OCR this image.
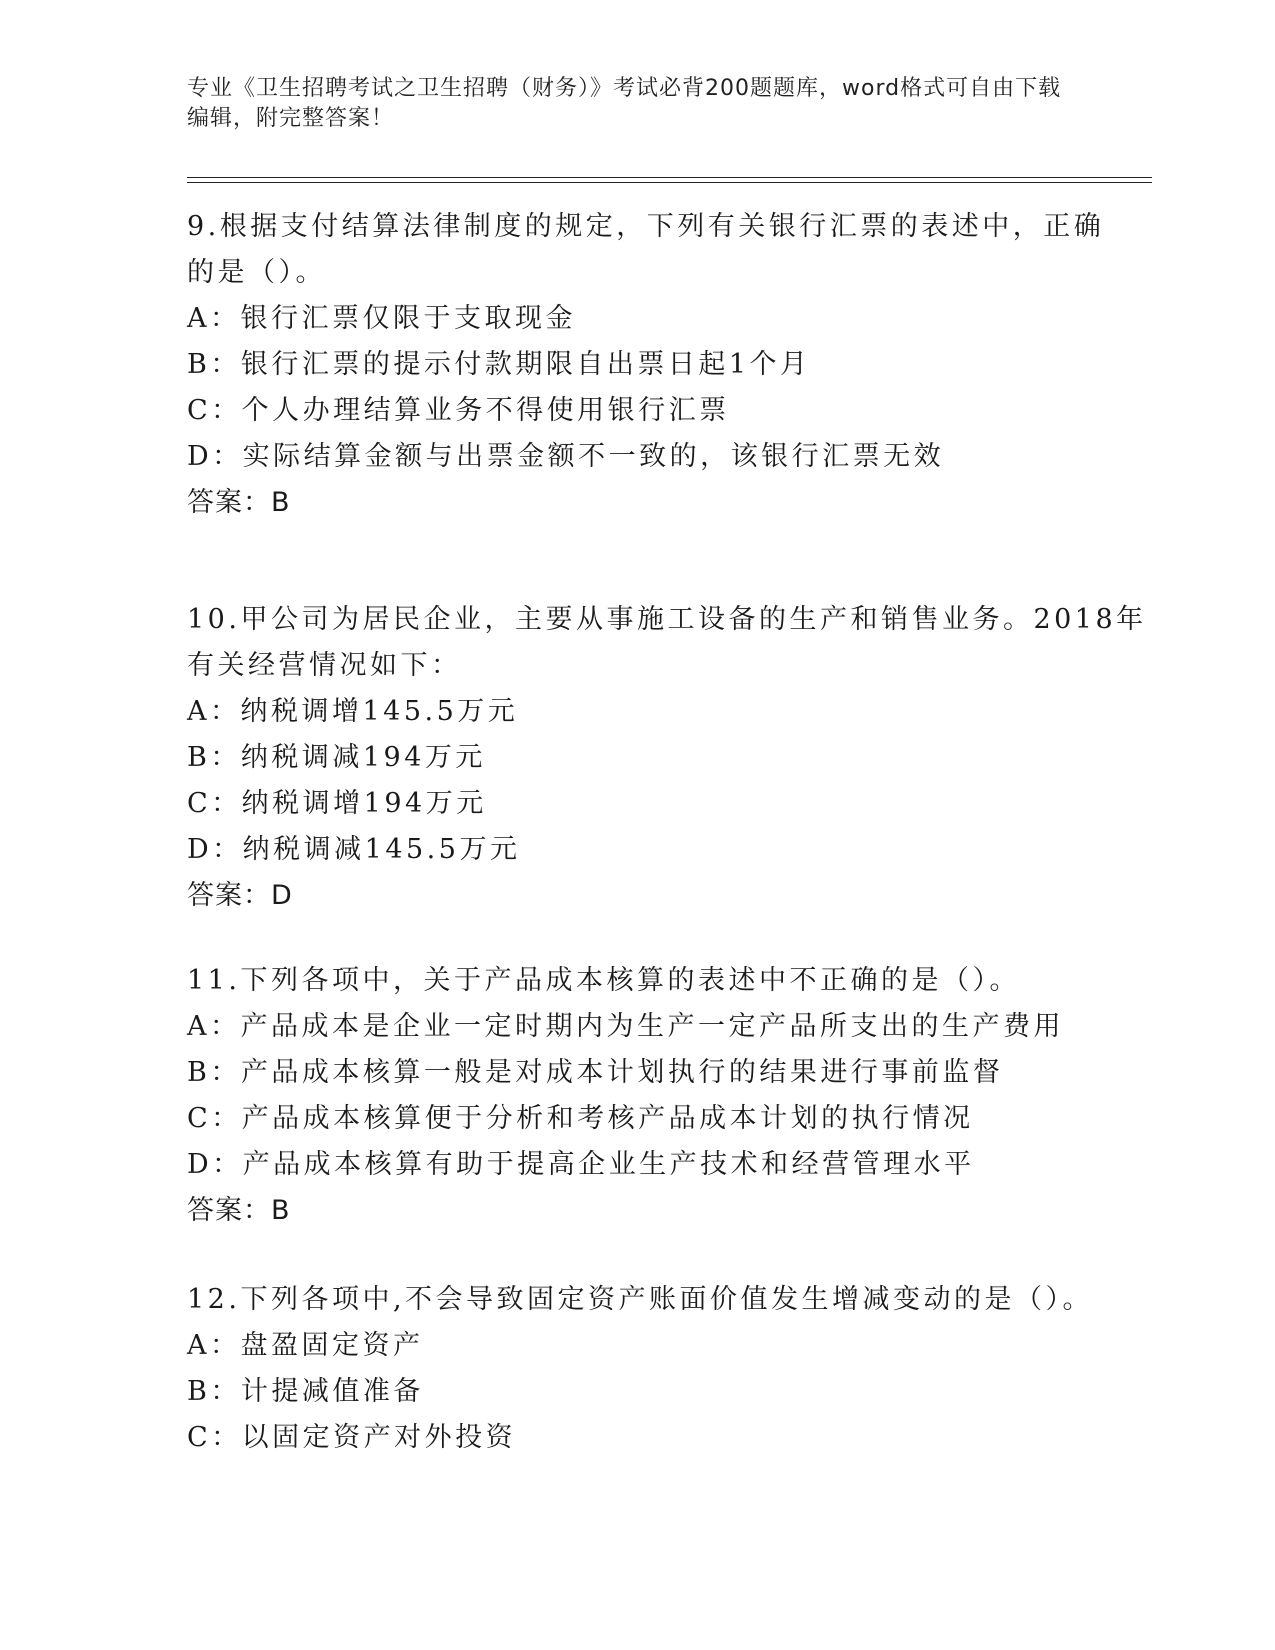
专业《卫生招聘考试之卫生招聘（财务）》考试必背200题题库，word格式可自由下载编辑，附完整答案！
9.根据支付结算法律制度的规定，下列有关银行汇票的表述中，正确
的是（）。
A：银行汇票仅限于支取现金
B：银行汇票的提示付款期限自出票日起1个月
C：个人办理结算业务不得使用银行汇票
D：实际结算金额与出票金额不一致的，该银行汇票无效
答案：B
10.甲公司为居民企业，主要从事施工设备的生产和销售业务。2018年
有关经营情况如下：
A：纳税调增145.5万元
B：纳税调减194万元
C：纳税调增194万元
D：纳税调减145.5万元
答案：D
11.下列各项中，关于产品成本核算的表述中不正确的是（）。
A：产品成本是企业一定时期内为生产一定产品所支出的生产费用
B：产品成本核算一般是对成本计划执行的结果进行事前监督
C：产品成本核算便于分析和考核产品成本计划的执行情况
D：产品成本核算有助于提高企业生产技术和经营管理水平
答案：B
12.下列各项中,不会导致固定资产账面价值发生增减变动的是（）。
A：盘盈固定资产
B：计提减值准备
C：以固定资产对外投资
